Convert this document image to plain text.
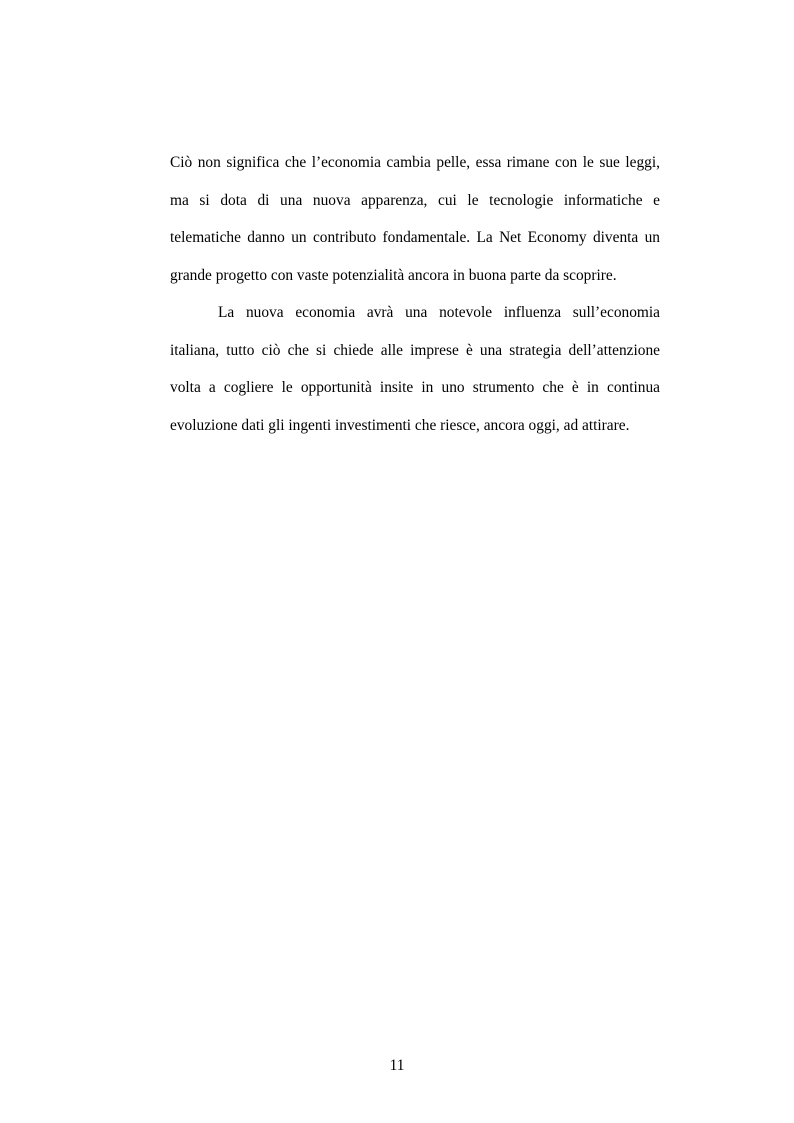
Ciò non significa che l’economia cambia pelle, essa rimane con le sue leggi,
ma si dota di una nuova apparenza, cui le tecnologie informatiche e
telematiche danno un contributo fondamentale. La Net Economy diventa un
grande progetto con vaste potenzialità ancora in buona parte da scoprire.
La nuova economia avrà una notevole influenza sull’economia
italiana, tutto ciò che si chiede alle imprese è una strategia dell’attenzione
volta a cogliere le opportunità insite in uno strumento che è in continua
evoluzione dati gli ingenti investimenti che riesce, ancora oggi, ad attirare.
11
